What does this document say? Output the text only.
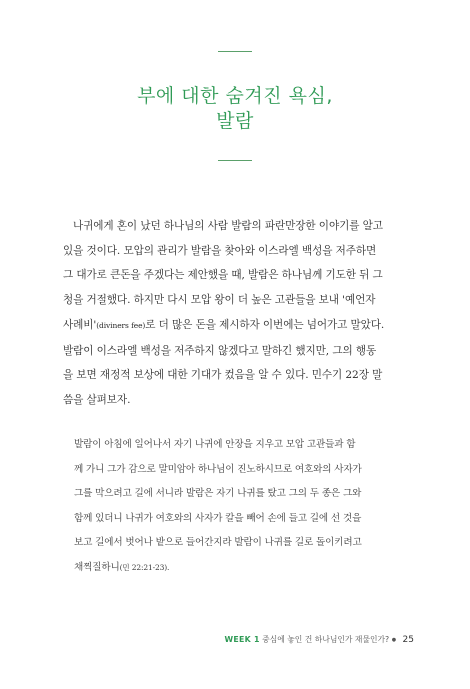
부에 대한 숨겨진 욕심,
발람
나귀에게 혼이 났던 하나님의 사람 발람의 파란만장한 이야기를 알고
있을 것이다. 모압의 관리가 발람을 찾아와 이스라엘 백성을 저주하면
그 대가로 큰돈을 주겠다는 제안했을 때, 발람은 하나님께 기도한 뒤 그
청을 거절했다. 하지만 다시 모압 왕이 더 높은 고관들을 보내 '예언자
사례비'(diviners fee)로 더 많은 돈을 제시하자 이번에는 넘어가고 말았다.
발람이 이스라엘 백성을 저주하지 않겠다고 말하긴 했지만, 그의 행동
을 보면 재정적 보상에 대한 기대가 컸음을 알 수 있다. 민수기 22장 말
씀을 살펴보자.
발람이 아침에 일어나서 자기 나귀에 안장을 지우고 모압 고관들과 함
께 가니 그가 감으로 말미암아 하나님이 진노하시므로 여호와의 사자가
그를 막으려고 길에 서니라 발람은 자기 나귀를 탔고 그의 두 종은 그와
함께 있더니 나귀가 여호와의 사자가 칼을 빼어 손에 들고 길에 선 것을
보고 길에서 벗어나 밭으로 들어간지라 발람이 나귀를 길로 돌이키려고
채찍질하니(민 22:21-23).
WEEK 1 중심에 놓인 건 하나님인가 재물인가? ● 25
